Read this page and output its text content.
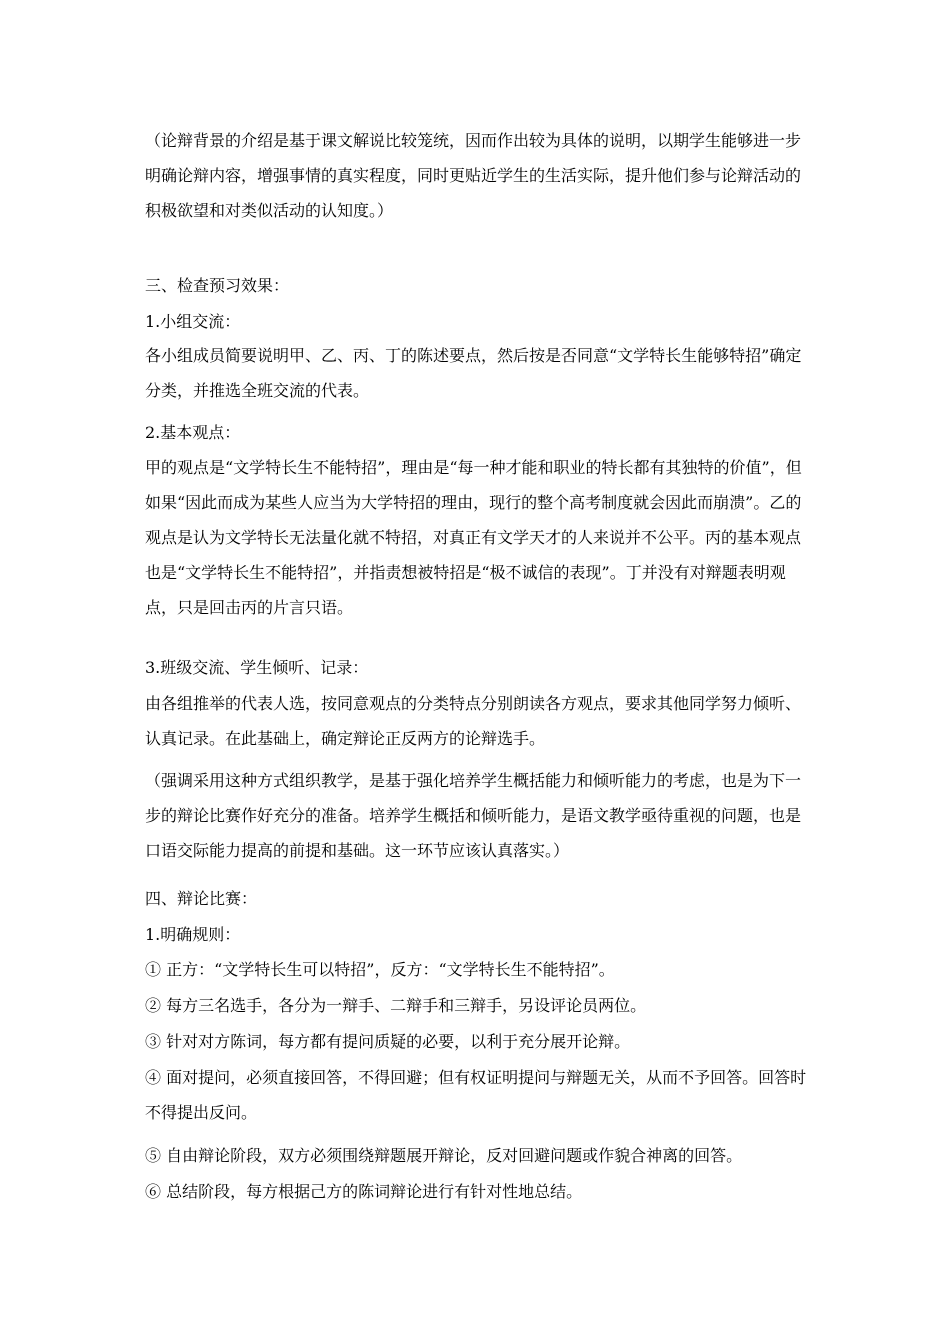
（论辩背景的介绍是基于课文解说比较笼统，因而作出较为具体的说明，以期学生能够进一步明确论辩内容，增强事情的真实程度，同时更贴近学生的生活实际，提升他们参与论辩活动的积极欲望和对类似活动的认知度。）

三、检查预习效果：

1.小组交流：

各小组成员简要说明甲、乙、丙、丁的陈述要点，然后按是否同意“文学特长生能够特招”确定分类，并推选全班交流的代表。

2.基本观点：

甲的观点是“文学特长生不能特招”，理由是“每一种才能和职业的特长都有其独特的价值”，但如果“因此而成为某些人应当为大学特招的理由，现行的整个高考制度就会因此而崩溃”。乙的观点是认为文学特长无法量化就不特招，对真正有文学天才的人来说并不公平。丙的基本观点也是“文学特长生不能特招”，并指责想被特招是“极不诚信的表现”。丁并没有对辩题表明观点，只是回击丙的片言只语。

3.班级交流、学生倾听、记录：

由各组推举的代表人选，按同意观点的分类特点分别朗读各方观点，要求其他同学努力倾听、认真记录。在此基础上，确定辩论正反两方的论辩选手。

（强调采用这种方式组织教学，是基于强化培养学生概括能力和倾听能力的考虑，也是为下一步的辩论比赛作好充分的准备。培养学生概括和倾听能力，是语文教学亟待重视的问题，也是口语交际能力提高的前提和基础。这一环节应该认真落实。）

四、辩论比赛：

1.明确规则：

① 正方：“文学特长生可以特招”，反方：“文学特长生不能特招”。

② 每方三名选手，各分为一辩手、二辩手和三辩手，另设评论员两位。

③ 针对对方陈词，每方都有提问质疑的必要，以利于充分展开论辩。

④ 面对提问，必须直接回答，不得回避；但有权证明提问与辩题无关，从而不予回答。回答时不得提出反问。

⑤ 自由辩论阶段，双方必须围绕辩题展开辩论，反对回避问题或作貌合神离的回答。

⑥ 总结阶段，每方根据己方的陈词辩论进行有针对性地总结。
